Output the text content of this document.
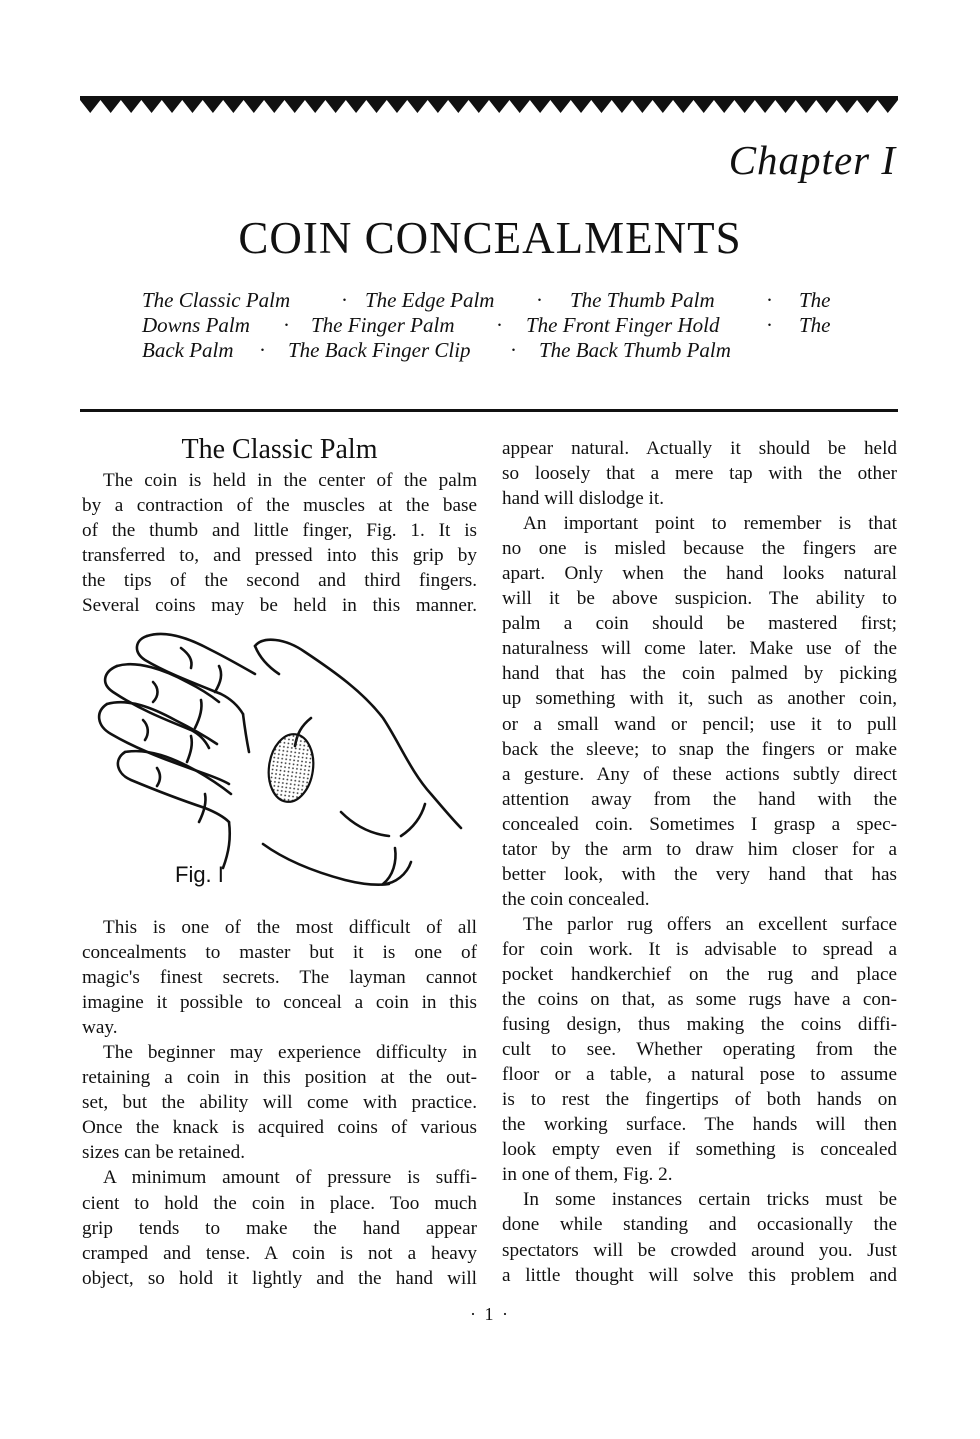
Chapter I
COIN CONCEALMENTS
The Classic Palm · The Edge Palm · The Thumb Palm · The
Downs Palm · The Finger Palm · The Front Finger Hold · The
Back Palm · The Back Finger Clip · The Back Thumb Palm
The Classic Palm

The coin is held in the center of the palm

by a contraction of the muscles at the base

of the thumb and little finger, Fig. 1. It is

transferred to, and pressed into this grip by

the tips of the second and third fingers.

Several coins may be held in this manner.

Fig. I

This is one of the most difficult of all

concealments to master but it is one of

magic's finest secrets. The layman cannot

imagine it possible to conceal a coin in this

way.

The beginner may experience difficulty in

retaining a coin in this position at the out-

set, but the ability will come with practice.

Once the knack is acquired coins of various

sizes can be retained.

A minimum amount of pressure is suffi-

cient to hold the coin in place. Too much

grip tends to make the hand appear

cramped and tense. A coin is not a heavy

object, so hold it lightly and the hand will

appear natural. Actually it should be held

so loosely that a mere tap with the other

hand will dislodge it.

An important point to remember is that

no one is misled because the fingers are

apart. Only when the hand looks natural

will it be above suspicion. The ability to

palm a coin should be mastered first;

naturalness will come later. Make use of the

hand that has the coin palmed by picking

up something with it, such as another coin,

or a small wand or pencil; use it to pull

back the sleeve; to snap the fingers or make

a gesture. Any of these actions subtly direct

attention away from the hand with the

concealed coin. Sometimes I grasp a spec-

tator by the arm to draw him closer for a

better look, with the very hand that has

the coin concealed.

The parlor rug offers an excellent surface

for coin work. It is advisable to spread a

pocket handkerchief on the rug and place

the coins on that, as some rugs have a con-

fusing design, thus making the coins diffi-

cult to see. Whether operating from the

floor or a table, a natural pose to assume

is to rest the fingertips of both hands on

the working surface. The hands will then

look empty even if something is concealed

in one of them, Fig. 2.

In some instances certain tricks must be

done while standing and occasionally the

spectators will be crowded around you. Just

a little thought will solve this problem and

· 1 ·
